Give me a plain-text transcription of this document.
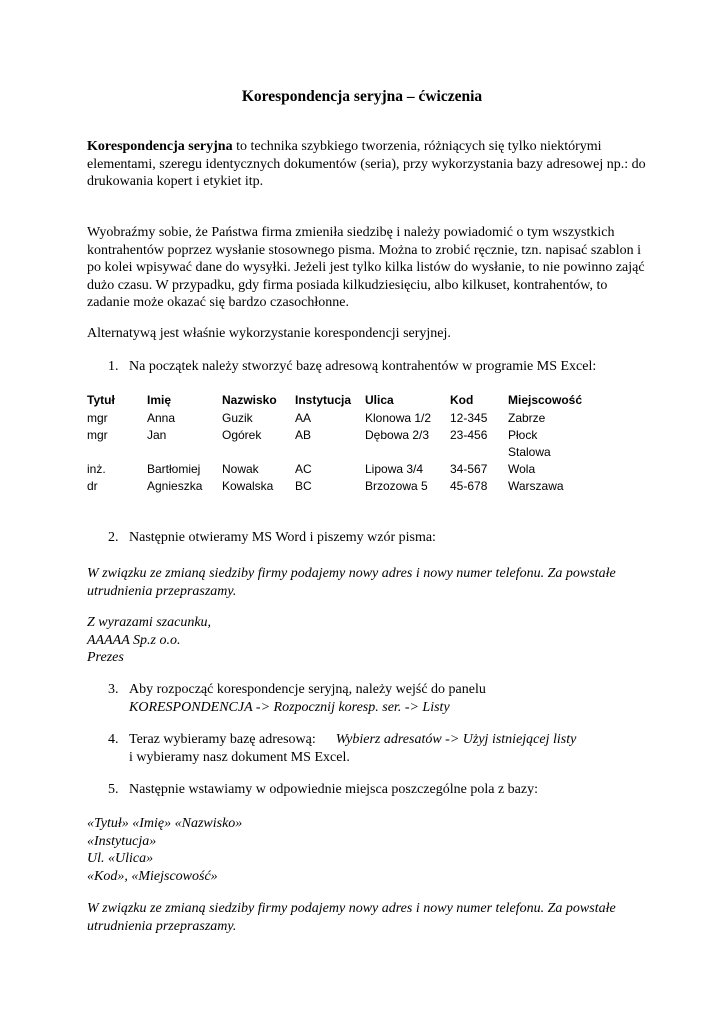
Korespondencja seryjna – ćwiczenia

Korespondencja seryjna to technika szybkiego tworzenia, różniących się tylko niektórymi elementami, szeregu identycznych dokumentów (seria), przy wykorzystania bazy adresowej np.: do drukowania kopert i etykiet itp.

Wyobraźmy sobie, że Państwa firma zmieniła siedzibę i należy powiadomić o tym wszystkich kontrahentów poprzez wysłanie stosownego pisma. Można to zrobić ręcznie, tzn. napisać szablon i po kolei wpisywać dane do wysyłki. Jeżeli jest tylko kilka listów do wysłanie, to nie powinno zająć dużo czasu. W przypadku, gdy firma posiada kilkudziesięciu, albo kilkuset, kontrahentów, to zadanie może okazać się bardzo czasochłonne.

Alternatywą jest właśnie wykorzystanie korespondencji seryjnej.

1. Na początek należy stworzyć bazę adresową kontrahentów w programie MS Excel:

Tytuł	Imię	Nazwisko	Instytucja	Ulica	Kod	Miejscowość
mgr	Anna	Guzik	AA	Klonowa 1/2	12-345	Zabrze
mgr	Jan	Ogórek	AB	Dębowa 2/3	23-456	Płock Stalowa

inż.	Bartłomiej	Nowak	AC	Lipowa 3/4	34-567	Wola
dr	Agnieszka	Kowalska	BC	Brzozowa 5	45-678	Warszawa

2. Następnie otwieramy MS Word i piszemy wzór pisma:

W związku ze zmianą siedziby firmy podajemy nowy adres i nowy numer telefonu. Za powstałe utrudnienia przepraszamy.

Z wyrazami szacunku,
AAAAA Sp.z o.o.
Prezes

3. Aby rozpocząć korespondencje seryjną, należy wejść do panelu
KORESPONDENCJA -> Rozpocznij koresp. ser. -> Listy

4. Teraz wybieramy bazę adresową: Wybierz adresatów -> Użyj istniejącej listy
i wybieramy nasz dokument MS Excel.

5. Następnie wstawiamy w odpowiednie miejsca poszczególne pola z bazy:

«Tytuł» «Imię» «Nazwisko»
«Instytucja»
Ul. «Ulica»
«Kod», «Miejscowość»

W związku ze zmianą siedziby firmy podajemy nowy adres i nowy numer telefonu. Za powstałe utrudnienia przepraszamy.
